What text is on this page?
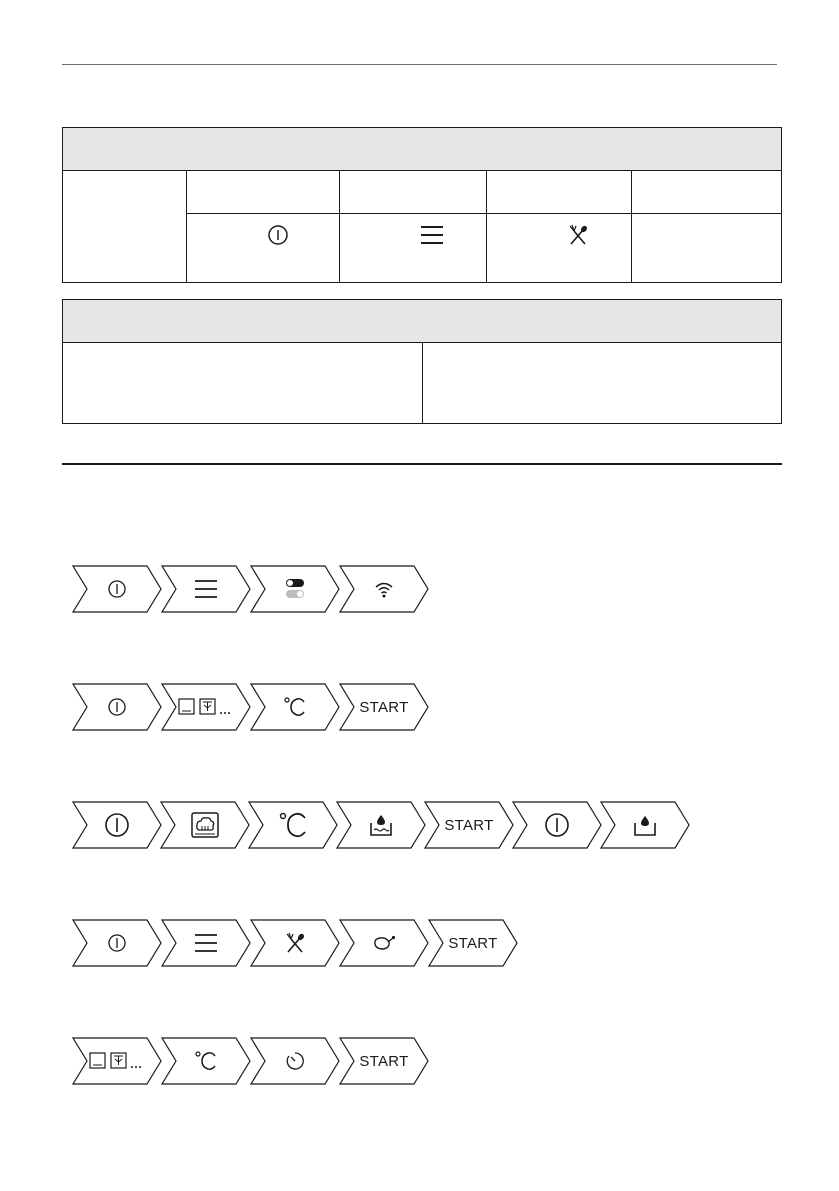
START
START
START
START
